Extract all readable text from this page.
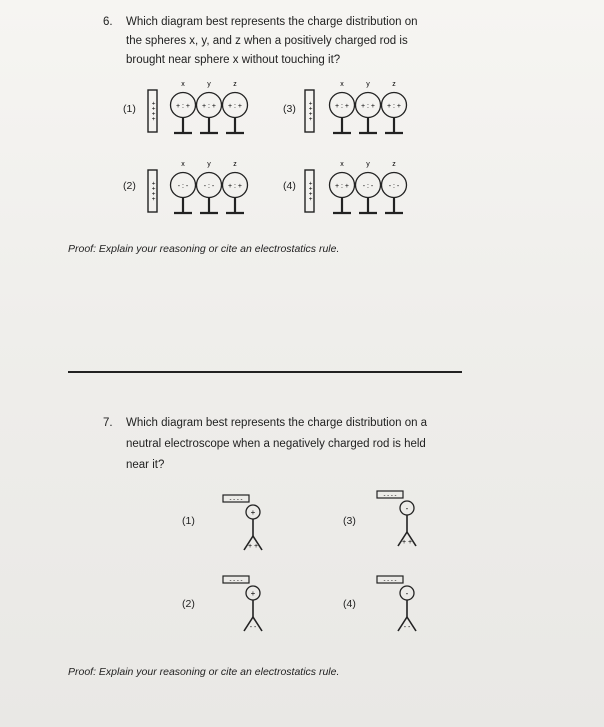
6. Which diagram best represents the charge distribution on
the spheres x, y, and z when a positively charged rod is
brought near sphere x without touching it?
(1) + + + +
x	y	z
+ : + + : + + : +	(3) + + + +
x	y	z
+ : + + : + + : +
(2) + + + +
x	y	z
- : - - : - + : +	(4) + + + +
x	y	z
+ : + - : - - : -
Proof: Explain your reasoning or cite an electrostatics rule.
7. Which diagram best represents the charge distribution on a
neutral electroscope when a negatively charged rod is held
near it?
(1)
- - - -
+
+ +
(3)
- - - -
-
+ +
(2)
- - - -
+
- -
(4)
- - - -
-
- -
Proof: Explain your reasoning or cite an electrostatics rule.
